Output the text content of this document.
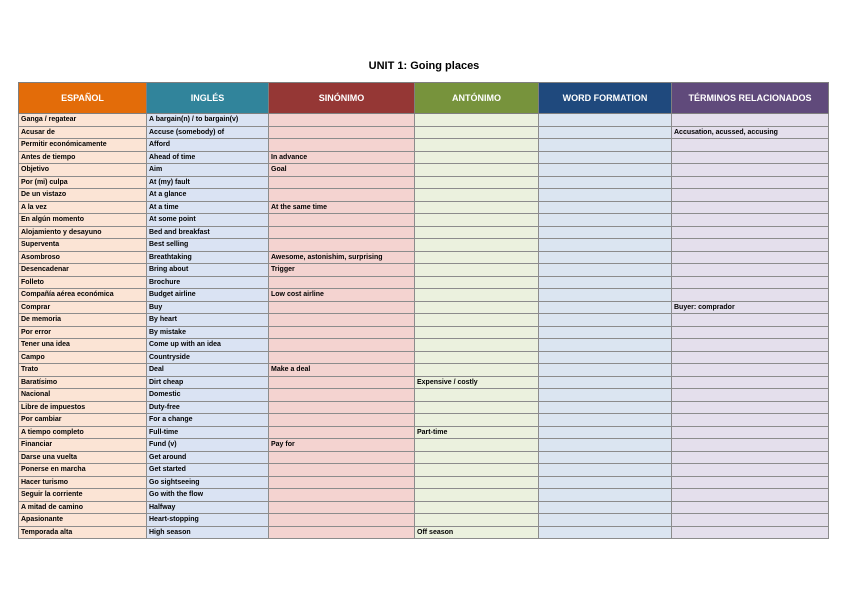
UNIT 1: Going places
ESPAÑOL	INGLÉS	SINÓNIMO	ANTÓNIMO	WORD FORMATION	TÉRMINOS RELACIONADOS
Ganga / regatear	A bargain(n) / to bargain(v)				
Acusar de	Accuse (somebody) of				Accusation, acussed, accusing
Permitir económicamente	Afford				
Antes de tiempo	Ahead of time	In advance			
Objetivo	Aim	Goal			
Por (mi) culpa	At (my) fault				
De un vistazo	At a glance				
A la vez	At a time	At the same time			
En algún momento	At some point				
Alojamiento y desayuno	Bed and breakfast				
Superventa	Best selling				
Asombroso	Breathtaking	Awesome, astonishim, surprising			
Desencadenar	Bring about	Trigger			
Folleto	Brochure				
Compañía aérea económica	Budget airline	Low cost airline			
Comprar	Buy				Buyer: comprador
De memoria	By heart				
Por error	By mistake				
Tener una idea	Come up with an idea				
Campo	Countryside				
Trato	Deal	Make a deal			
Baratísimo	Dirt cheap		Expensive / costly		
Nacional	Domestic				
Libre de impuestos	Duty-free				
Por cambiar	For a change				
A tiempo completo	Full-time		Part-time		
Financiar	Fund (v)	Pay for			
Darse una vuelta	Get around				
Ponerse en marcha	Get started				
Hacer turismo	Go sightseeing				
Seguir la corriente	Go with the flow				
A mitad de camino	Halfway				
Apasionante	Heart-stopping				
Temporada alta	High season		Off season		
